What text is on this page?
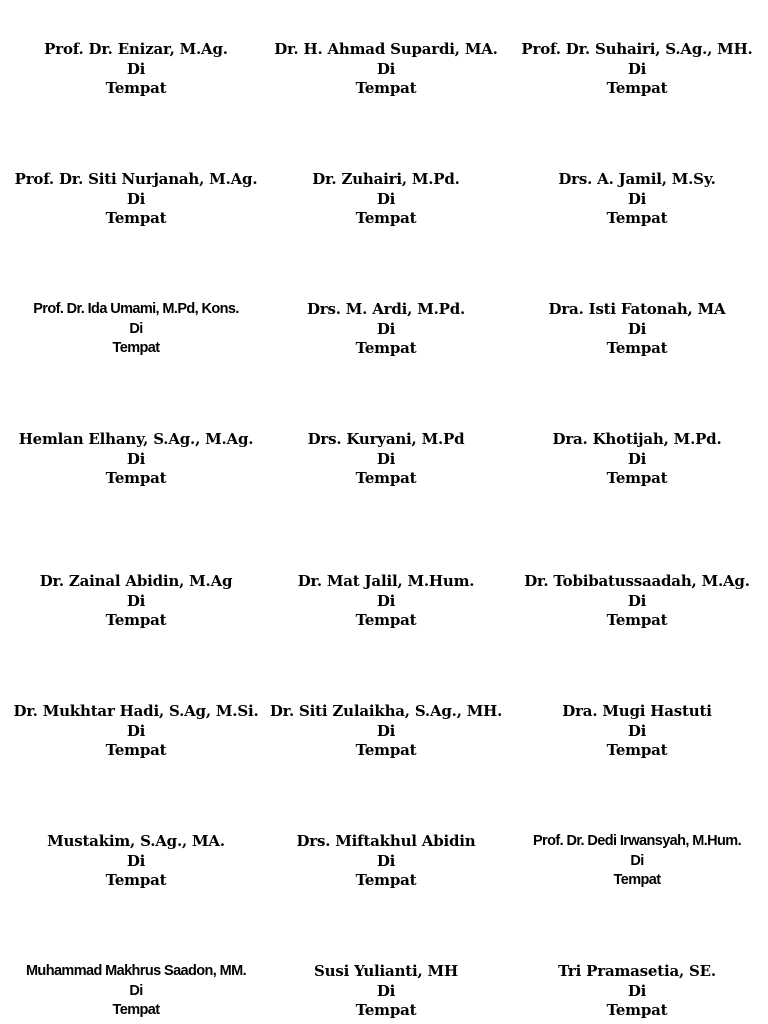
Prof. Dr. Enizar, M.Ag.
Di
Tempat
Dr. H. Ahmad Supardi, MA.
Di
Tempat
Prof. Dr. Suhairi, S.Ag., MH.
Di
Tempat
Prof. Dr. Siti Nurjanah, M.Ag.
Di
Tempat
Dr. Zuhairi, M.Pd.
Di
Tempat
Drs. A. Jamil, M.Sy.
Di
Tempat
Prof. Dr. Ida Umami, M.Pd, Kons.
Di
Tempat
Drs. M. Ardi, M.Pd.
Di
Tempat
Dra. Isti Fatonah, MA
Di
Tempat
Hemlan Elhany, S.Ag., M.Ag.
Di
Tempat
Drs. Kuryani, M.Pd
Di
Tempat
Dra. Khotijah, M.Pd.
Di
Tempat
Dr. Zainal Abidin, M.Ag
Di
Tempat
Dr. Mat Jalil, M.Hum.
Di
Tempat
Dr. Tobibatussaadah, M.Ag.
Di
Tempat
Dr. Mukhtar Hadi, S.Ag, M.Si.
Di
Tempat
Dr. Siti Zulaikha, S.Ag., MH.
Di
Tempat
Dra. Mugi Hastuti
Di
Tempat
Mustakim, S.Ag., MA.
Di
Tempat
Drs. Miftakhul Abidin
Di
Tempat
Prof. Dr. Dedi Irwansyah, M.Hum.
Di
Tempat
Muhammad Makhrus Saadon, MM.
Di
Tempat
Susi Yulianti, MH
Di
Tempat
Tri Pramasetia, SE.
Di
Tempat
